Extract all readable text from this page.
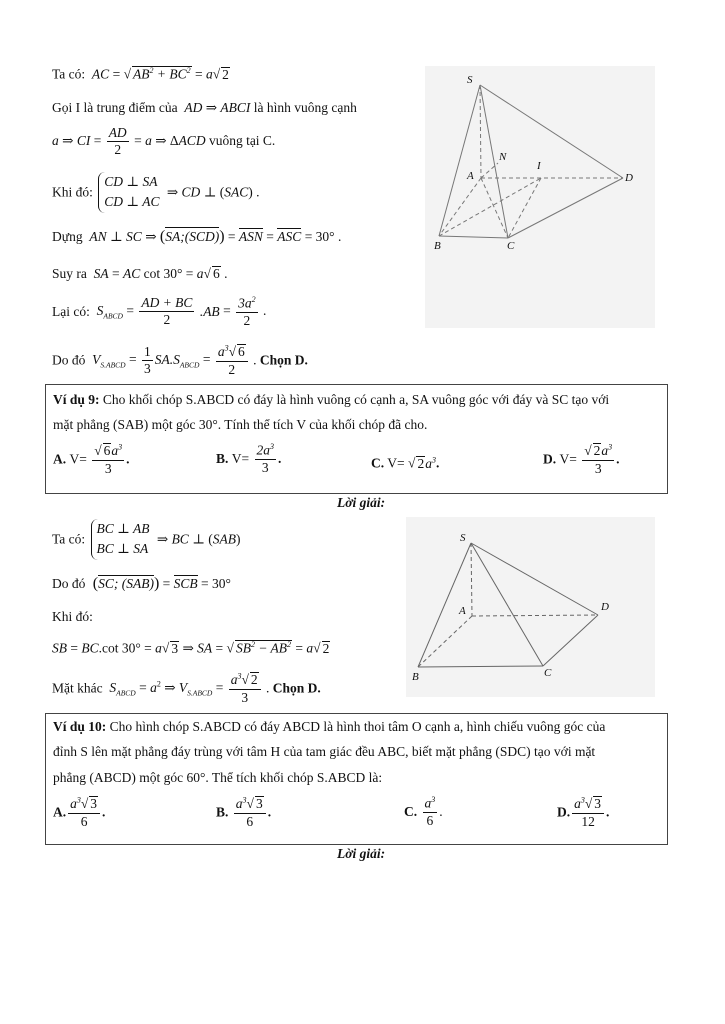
Ta có:  AC = √ $AB^2 + BC^2 = a√$ 2
Gọi I là trung điểm của  AD ⇒ ABCI là hình vuông cạnh
a ⇒ CI = $\frac{AD}{2} = a$ ⇒ ΔACD vuông tại C.
Khi đó: CD ⊥ SA
CD ⊥ AC ⇒ CD ⊥ (SAC) .
Dựng  AN ⊥ SC ⇒ (SA;(SCD)) = ASN = ASC = 30° .
Suy ra  SA = AC cot 30° = a√ 6 .
Lại có:  $S_{ABCD} = \frac{AD + BC}{2} .AB = \frac{3a^2}{2}$ .
Do đó  $V_{S.ABCD} = \frac{1}{3} SA.S_{ABCD} = \frac{a^3√ 6}{2}$ . Chọn D.
S
N
I
A	D
B	C
Ví dụ 9: Cho khối chóp S.ABCD có đáy là hình vuông có cạnh a, SA vuông góc với đáy và SC tạo với
mặt phẳng (SAB) một góc 30°. Tính thể tích V của khối chóp đã cho.
A. $V= \frac{√ 6a^3}{3}$ .	B. $V= \frac{2a^3}{3}$ .	C. V= √ $2a^3$.	D. $V= \frac{√ 2a^3}{3}$ .
Lời giải:
Ta có: BC ⊥ AB
BC ⊥ SA ⇒ BC ⊥ (SAB)
Do đó  (SC; (SAB)) = SCB = 30°
Khi đó:
SB = BC.cot 30° = a√ 3 ⇒ SA = √ $SB^2 - AB^2 = a√$ 2
Mặt khác  $S_{ABCD} = a^2$ ⇒ $V_{S.ABCD} = \frac{a^3√ 2}{3}$ . Chọn D.
S
A	D
B	C
Ví dụ 10: Cho hình chóp S.ABCD có đáy ABCD là hình thoi tâm O cạnh a, hình chiếu vuông góc của
đỉnh S lên mặt phẳng đáy trùng với tâm H của tam giác đều ABC, biết mặt phẳng (SDC) tạo với mặt
phẳng (ABCD) một góc 60°. Thể tích khối chóp S.ABCD là:
A. $\frac{a^3√ 3}{6}$ .	B. $\frac{a^3√ 3}{6}$ .	C. $\frac{a^3}{6}$ .	D. $\frac{a^3√ 3}{12}$ .
Lời giải:
